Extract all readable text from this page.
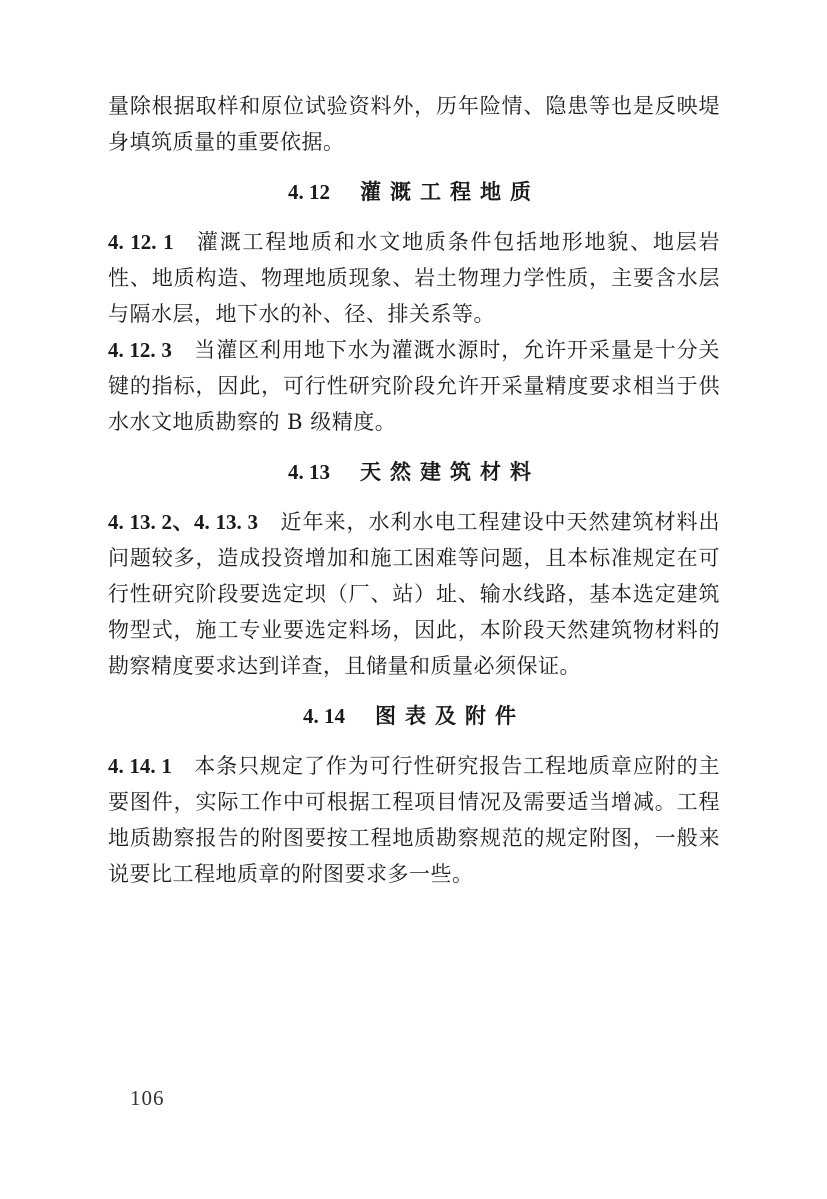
量除根据取样和原位试验资料外，历年险情、隐患等也是反映堤身填筑质量的重要依据。

4. 12 灌溉工程地质

4. 12. 1 灌溉工程地质和水文地质条件包括地形地貌、地层岩性、地质构造、物理地质现象、岩土物理力学性质，主要含水层与隔水层，地下水的补、径、排关系等。

4. 12. 3 当灌区利用地下水为灌溉水源时，允许开采量是十分关键的指标，因此，可行性研究阶段允许开采量精度要求相当于供水水文地质勘察的 B 级精度。

4. 13 天然建筑材料

4. 13. 2、4. 13. 3 近年来，水利水电工程建设中天然建筑材料出问题较多，造成投资增加和施工困难等问题，且本标准规定在可行性研究阶段要选定坝（厂、站）址、输水线路，基本选定建筑物型式，施工专业要选定料场，因此，本阶段天然建筑物材料的勘察精度要求达到详查，且储量和质量必须保证。

4. 14 图表及附件

4. 14. 1 本条只规定了作为可行性研究报告工程地质章应附的主要图件，实际工作中可根据工程项目情况及需要适当增减。工程地质勘察报告的附图要按工程地质勘察规范的规定附图，一般来说要比工程地质章的附图要求多一些。

106
